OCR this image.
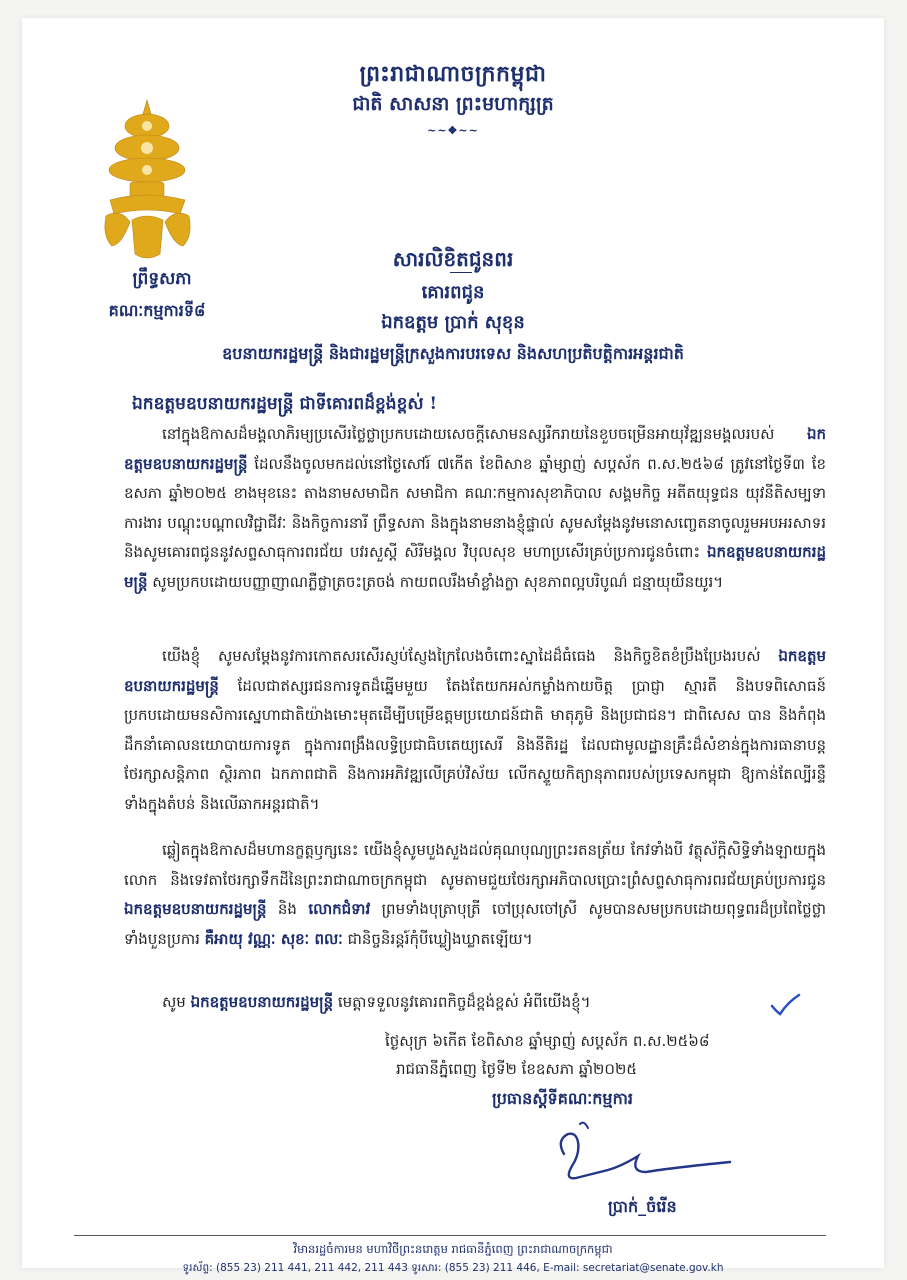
ព្រះរាជាណាចក្រកម្ពុជា
ជាតិ សាសនា ព្រះមហាក្សត្រ
~~❖~~
ព្រឹទ្ធសភា
គណៈកម្មការទី៨
សារលិខិតជូនពរ
គោរពជូន
ឯកឧត្តម ប្រាក់ សុខុន
ឧបនាយករដ្ឋមន្ត្រី និងជារដ្ឋមន្ត្រីក្រសួងការបរទេស និងសហប្រតិបត្តិការអន្តរជាតិ
ឯកឧត្តមឧបនាយករដ្ឋមន្ត្រី ជាទីគោរពដ៏ខ្ពង់ខ្ពស់ !
នៅក្នុងឱកាសដ៏មង្គលាភិរម្យប្រសើរថ្លៃថ្លាប្រកបដោយសេចក្ដីសោមនស្សរីករាយនៃខួបចម្រើនអាយុវ័ឌ្ឍនមង្គលរបស់ ឯកឧត្តមឧបនាយករដ្ឋមន្ត្រី ដែលនឹងចូលមកដល់នៅថ្ងៃសៅរ៍ ៧កើត ខែពិសាខ ឆ្នាំម្សាញ់ សប្តស័ក ព.ស.២៥៦៨ ត្រូវនៅថ្ងៃទី៣ ខែឧសភា ឆ្នាំ២០២៥ ខាងមុខនេះ តាងនាមសមាជិក សមាជិកា គណៈកម្មការសុខាភិបាល សង្គមកិច្ច អតីតយុទ្ធជន យុវនីតិសម្បទា ការងារ បណ្ដុះបណ្ដាលវិជ្ជាជីវៈ និងកិច្ចការនារី ព្រឹទ្ធសភា និងក្នុងនាមនាងខ្ញុំផ្ទាល់ សូមសម្ដែងនូវមនោសញ្ចេតនាចូលរួមអបអរសាទរ និងសូមគោរពជូននូវសព្ទសាធុការពរជ័យ បវរសួស្តី សិរីមង្គល វិបុលសុខ មហាប្រសើរគ្រប់ប្រការជូនចំពោះ ឯកឧត្តមឧបនាយករដ្ឋមន្ត្រី សូមប្រកបដោយបញ្ញាញាណភ្លឺថ្លាត្រចះត្រចង់ កាយពលរឹងមាំខ្លាំងក្លា សុខភាពល្អបរិបូណ៌ ជន្មាយុយឺនយូរ។
យើងខ្ញុំ សូមសម្ដែងនូវការកោតសរសើរស្ញប់ស្ញែងក្រៃលែងចំពោះស្នាដៃដ៏ធំធេង និងកិច្ចខិតខំប្រឹងប្រែងរបស់ ឯកឧត្តមឧបនាយករដ្ឋមន្ត្រី ដែលជាឥស្សរជនការទូតដ៏ឆ្នើមមួយ តែងតែយកអស់កម្លាំងកាយចិត្ត ប្រាជ្ញា ស្មារតី និងបទពិសោធន៍ ប្រកបដោយមនសិការស្នេហាជាតិយ៉ាងមោះមុតដើម្បីបម្រើឧត្តមប្រយោជន៍ជាតិ មាតុភូមិ និងប្រជាជន។ ជាពិសេស បាន និងកំពុងដឹកនាំគោលនយោបាយការទូត ក្នុងការពង្រឹងលទ្ធិប្រជាធិបតេយ្យសេរី និងនីតិរដ្ឋ ដែលជាមូលដ្ឋានគ្រឹះដ៏សំខាន់ក្នុងការធានាបន្តថែរក្សាសន្តិភាព ស្ថិរភាព ឯកភាពជាតិ និងការអភិវឌ្ឍលើគ្រប់វិស័យ លើកស្ទួយកិត្យានុភាពរបស់ប្រទេសកម្ពុជា ឱ្យកាន់តែល្បីរន្ទឺទាំងក្នុងតំបន់ និងលើឆាកអន្តរជាតិ។
ឆ្លៀតក្នុងឱកាសដ៏មហានក្ខត្តឫក្សនេះ យើងខ្ញុំសូមបួងសួងដល់គុណបុណ្យព្រះរតនត្រ័យ កែវទាំងបី វត្ថុស័ក្តិសិទ្ធិទាំងឡាយក្នុងលោក និងទេវតាថែរក្សាទឹកដីនៃព្រះរាជាណាចក្រកម្ពុជា សូមតាមជួយថែរក្សាអភិបាលប្រោះព្រំសព្ទសាធុការពរជ័យគ្រប់ប្រការជូន ឯកឧត្តមឧបនាយករដ្ឋមន្ត្រី និង លោកជំទាវ ព្រមទាំងបុត្រាបុត្រី ចៅប្រុសចៅស្រី សូមបានសមប្រកបដោយពុទ្ធពរដ៏ប្រពៃថ្លៃថ្លាទាំងបួនប្រការ គឺអាយុ វណ្ណៈ សុខៈ ពលៈ ជានិច្ចនិរន្តរ៍កុំបីឃ្លៀងឃ្លាតឡើយ។
សូម ឯកឧត្តមឧបនាយករដ្ឋមន្ត្រី មេត្តាទទួលនូវគោរពកិច្ចដ៏ខ្ពង់ខ្ពស់ អំពីយើងខ្ញុំ។
ថ្ងៃសុក្រ ៦កើត ខែពិសាខ ឆ្នាំម្សាញ់ សប្តស័ក ព.ស.២៥៦៨
រាជធានីភ្នំពេញ ថ្ងៃទី២ ខែឧសភា ឆ្នាំ២០២៥
ប្រធានស្តីទីគណៈកម្មការ
ប្រាក់_ចំរើន
វិមានរដ្ឋចំការមន មហាវិថីព្រះនរោត្តម រាជធានីភ្នំពេញ ព្រះរាជាណាចក្រកម្ពុជា
ទូរស័ព្ទ: (855 23) 211 441, 211 442, 211 443 ទូរសារ: (855 23) 211 446, E-mail: secretariat@senate.gov.kh
